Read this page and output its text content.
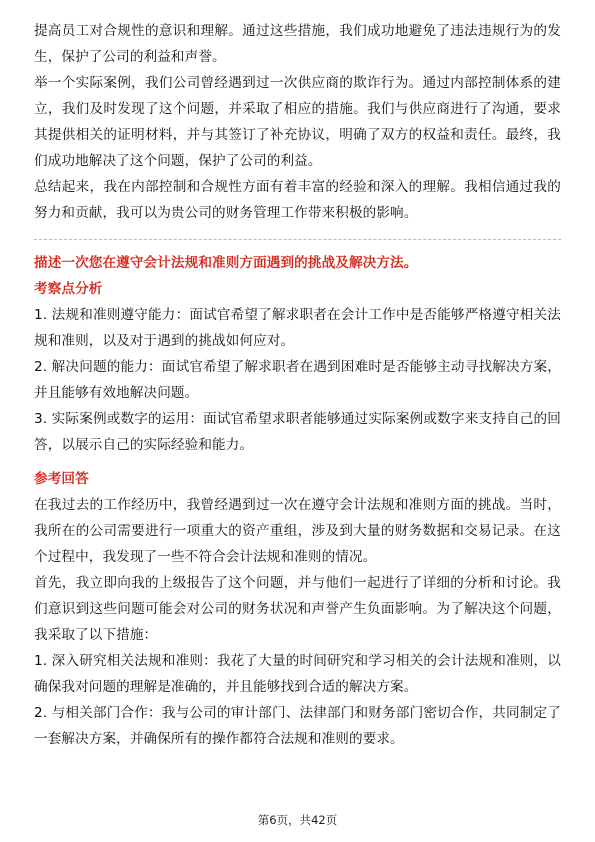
提高员工对合规性的意识和理解。通过这些措施，我们成功地避免了违法违规行为的发生，保护了公司的利益和声誉。

举一个实际案例，我们公司曾经遇到过一次供应商的欺诈行为。通过内部控制体系的建立，我们及时发现了这个问题，并采取了相应的措施。我们与供应商进行了沟通，要求其提供相关的证明材料，并与其签订了补充协议，明确了双方的权益和责任。最终，我们成功地解决了这个问题，保护了公司的利益。

总结起来，我在内部控制和合规性方面有着丰富的经验和深入的理解。我相信通过我的努力和贡献，我可以为贵公司的财务管理工作带来积极的影响。

描述一次您在遵守会计法规和准则方面遇到的挑战及解决方法。

考察点分析

1. 法规和准则遵守能力：面试官希望了解求职者在会计工作中是否能够严格遵守相关法规和准则，以及对于遇到的挑战如何应对。

2. 解决问题的能力：面试官希望了解求职者在遇到困难时是否能够主动寻找解决方案，并且能够有效地解决问题。

3. 实际案例或数字的运用：面试官希望求职者能够通过实际案例或数字来支持自己的回答，以展示自己的实际经验和能力。

参考回答

在我过去的工作经历中，我曾经遇到过一次在遵守会计法规和准则方面的挑战。当时，我所在的公司需要进行一项重大的资产重组，涉及到大量的财务数据和交易记录。在这个过程中，我发现了一些不符合会计法规和准则的情况。

首先，我立即向我的上级报告了这个问题，并与他们一起进行了详细的分析和讨论。我们意识到这些问题可能会对公司的财务状况和声誉产生负面影响。为了解决这个问题，我采取了以下措施：

1. 深入研究相关法规和准则：我花了大量的时间研究和学习相关的会计法规和准则，以确保我对问题的理解是准确的，并且能够找到合适的解决方案。

2. 与相关部门合作：我与公司的审计部门、法律部门和财务部门密切合作，共同制定了一套解决方案，并确保所有的操作都符合法规和准则的要求。

第6页，共42页
